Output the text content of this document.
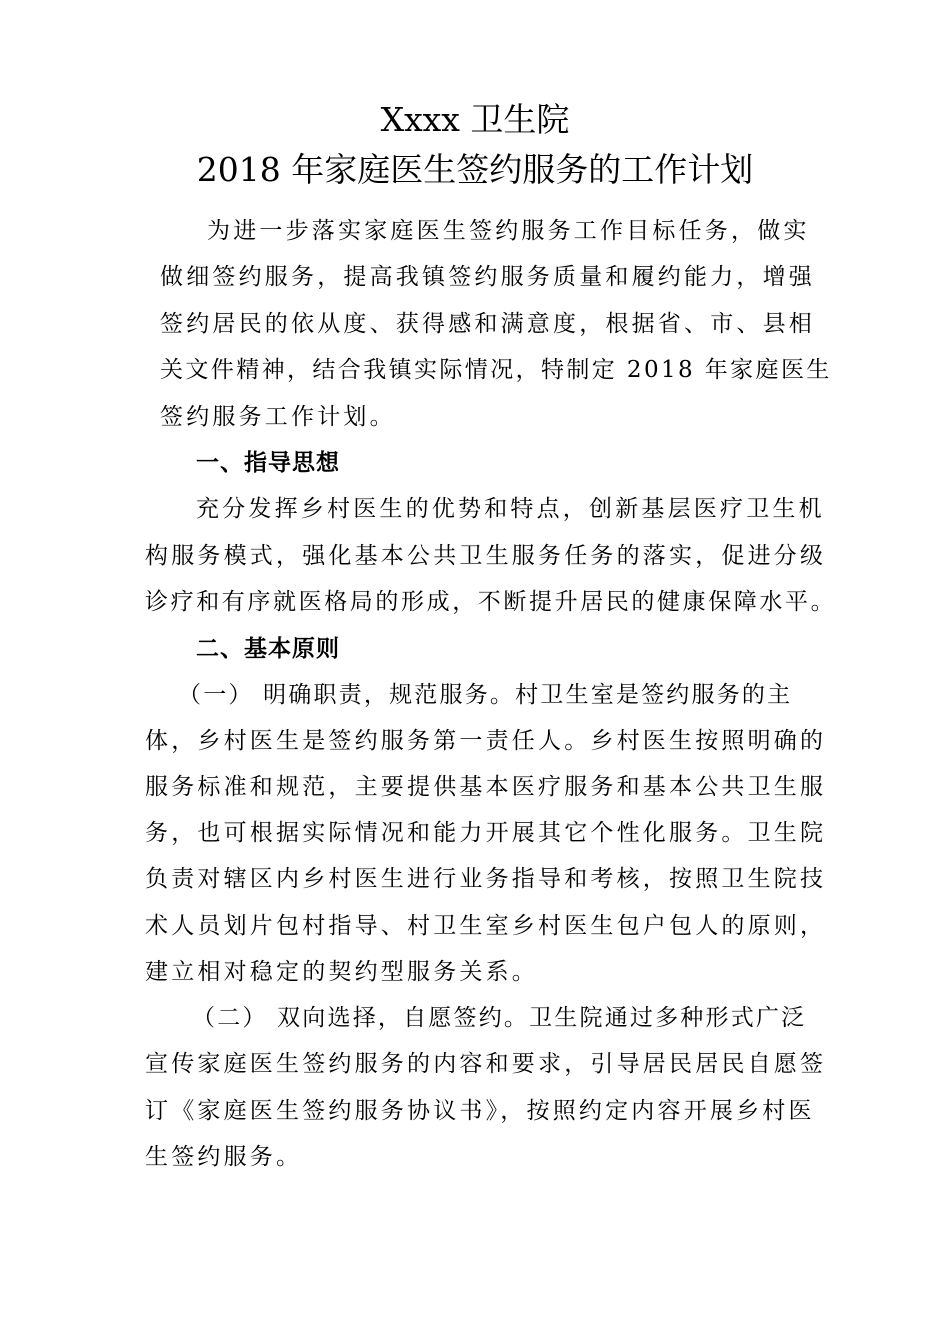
Xxxx 卫生院
2018 年家庭医生签约服务的工作计划
为进一步落实家庭医生签约服务工作目标任务，做实
做细签约服务，提高我镇签约服务质量和履约能力，增强
签约居民的依从度、获得感和满意度，根据省、市、县相
关文件精神，结合我镇实际情况，特制定 2018 年家庭医生
签约服务工作计划。
一、指导思想
充分发挥乡村医生的优势和特点，创新基层医疗卫生机
构服务模式，强化基本公共卫生服务任务的落实，促进分级
诊疗和有序就医格局的形成，不断提升居民的健康保障水平。
二、基本原则
（一） 明确职责，规范服务。村卫生室是签约服务的主
体，乡村医生是签约服务第一责任人。乡村医生按照明确的
服务标准和规范，主要提供基本医疗服务和基本公共卫生服
务，也可根据实际情况和能力开展其它个性化服务。卫生院
负责对辖区内乡村医生进行业务指导和考核，按照卫生院技
术人员划片包村指导、村卫生室乡村医生包户包人的原则，
建立相对稳定的契约型服务关系。
（二） 双向选择，自愿签约。卫生院通过多种形式广泛
宣传家庭医生签约服务的内容和要求，引导居民居民自愿签
订《家庭医生签约服务协议书》，按照约定内容开展乡村医
生签约服务。
